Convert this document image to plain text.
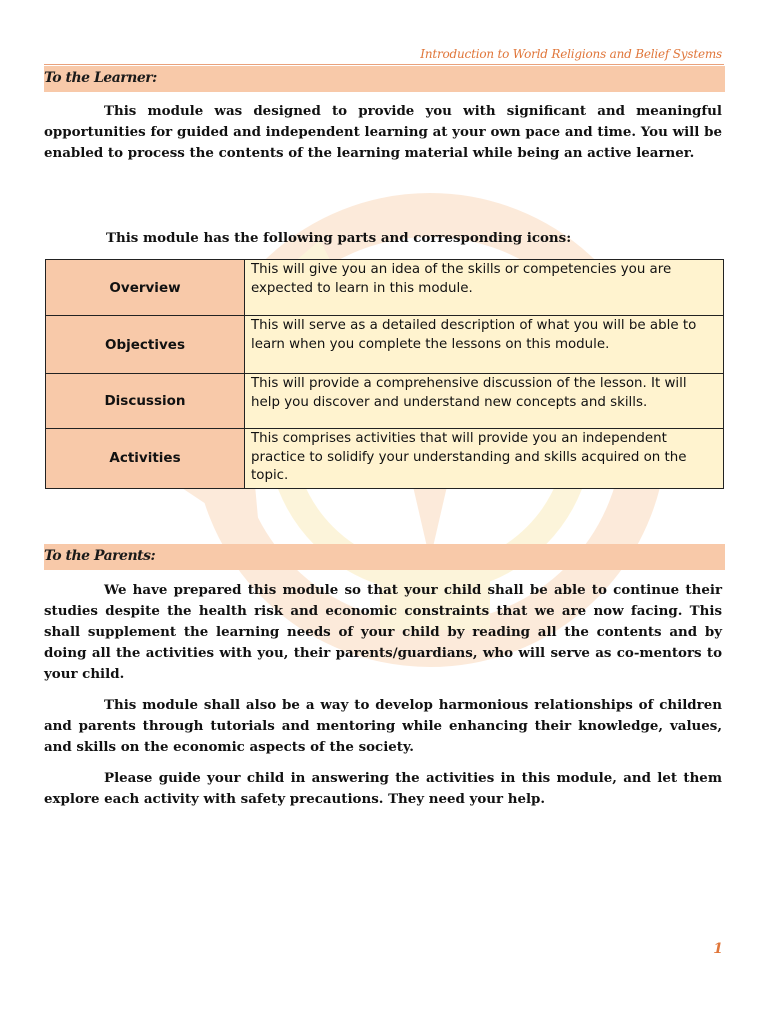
Introduction to World Religions and Belief Systems
To the Learner:
This module was designed to provide you with significant and meaningful opportunities for guided and independent learning at your own pace and time. You will be enabled to process the contents of the learning material while being an active learner.
This module has the following parts and corresponding icons:
Overview	This will give you an idea of the skills or competencies you are expected to learn in this module.
Objectives	This will serve as a detailed description of what you will be able to learn when you complete the lessons on this module.
Discussion	This will provide a comprehensive discussion of the lesson. It will help you discover and understand new concepts and skills.
Activities	This comprises activities that will provide you an independent practice to solidify your understanding and skills acquired on the topic.
To the Parents:
We have prepared this module so that your child shall be able to continue their studies despite the health risk and economic constraints that we are now facing. This shall supplement the learning needs of your child by reading all the contents and by doing all the activities with you, their parents/guardians, who will serve as co-mentors to your child.
This module shall also be a way to develop harmonious relationships of children and parents through tutorials and mentoring while enhancing their knowledge, values, and skills on the economic aspects of the society.
Please guide your child in answering the activities in this module, and let them explore each activity with safety precautions. They need your help.
1
